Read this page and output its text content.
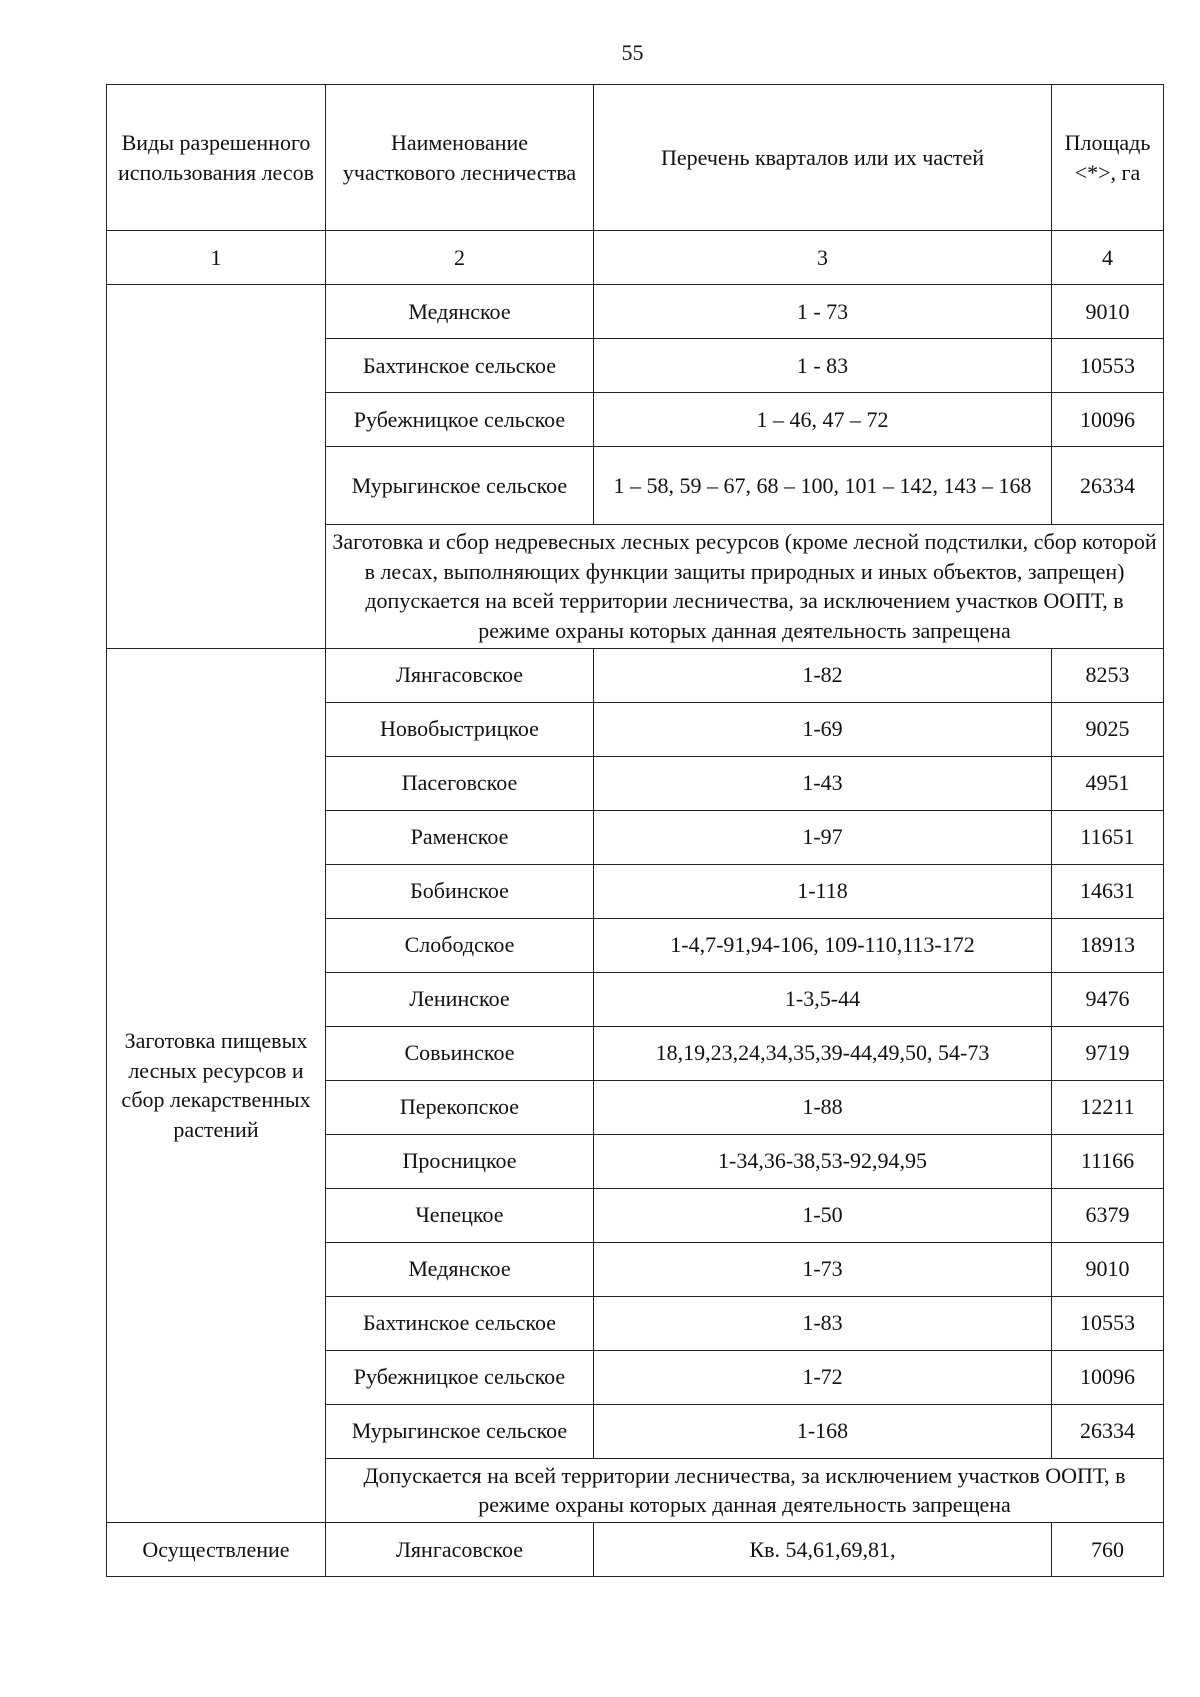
55
Виды разрешенного использования лесов	Наименование участкового лесничества	Перечень кварталов или их частей	Площадь <*>, га
1	2	3	4
	Медянское	1 - 73	9010
	Бахтинское сельское	1 - 83	10553
	Рубежницкое сельское	1 – 46, 47 – 72	10096
	Мурыгинское сельское	1 – 58, 59 – 67, 68 – 100, 101 – 142, 143 – 168	26334
	Заготовка и сбор недревесных лесных ресурсов (кроме лесной подстилки, сбор которой в лесах, выполняющих функции защиты природных и иных объектов, запрещен) допускается на всей территории лесничества, за исключением участков ООПТ, в режиме охраны которых данная деятельность запрещена		
Заготовка пищевых лесных ресурсов и сбор лекарственных растений	Лянгасовское	1-82	8253
	Новобыстрицкое	1-69	9025
	Пасеговское	1-43	4951
	Раменское	1-97	11651
	Бобинское	1-118	14631
	Слободское	1-4,7-91,94-106, 109-110,113-172	18913
	Ленинское	1-3,5-44	9476
	Совьинское	18,19,23,24,34,35,39-44,49,50, 54-73	9719
	Перекопское	1-88	12211
	Просницкое	1-34,36-38,53-92,94,95	11166
	Чепецкое	1-50	6379
	Медянское	1-73	9010
	Бахтинское сельское	1-83	10553
	Рубежницкое сельское	1-72	10096
	Мурыгинское сельское	1-168	26334
	Допускается на всей территории лесничества, за исключением участков ООПТ, в режиме охраны которых данная деятельность запрещена		
Осуществление	Лянгасовское	Кв. 54,61,69,81,	760
